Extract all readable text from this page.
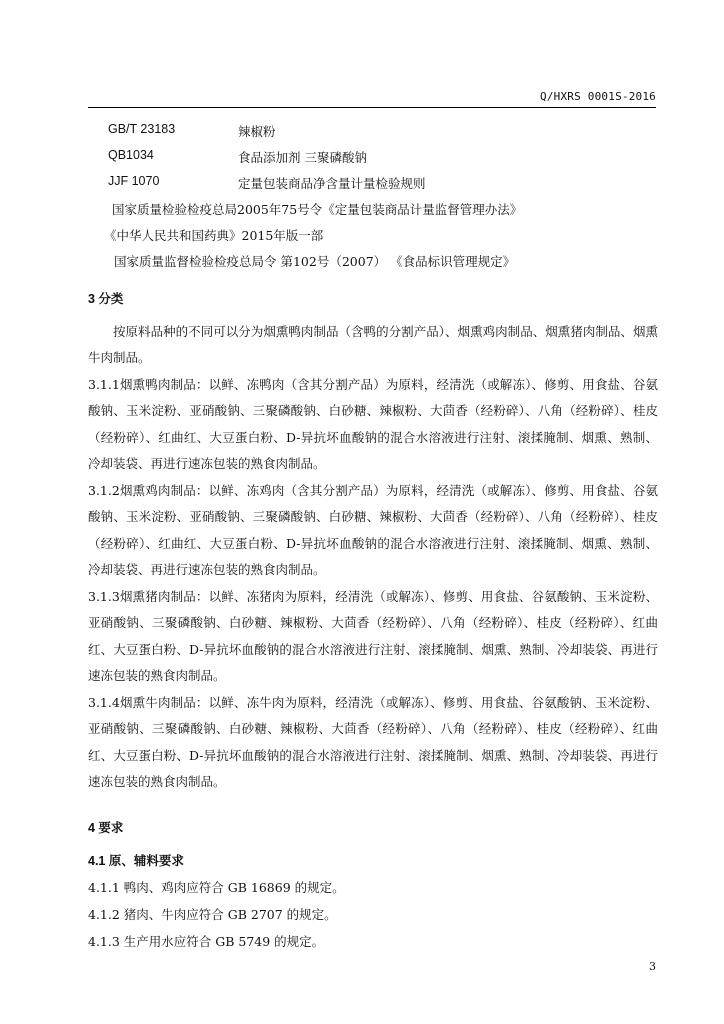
Q/HXRS 0001S-2016
GB/T 23183	辣椒粉
QB1034	食品添加剂 三聚磷酸钠
JJF 1070	定量包装商品净含量计量检验规则
国家质量检验检疫总局2005年75号令《定量包装商品计量监督管理办法》
《中华人民共和国药典》2015年版一部
国家质量监督检验检疫总局令 第102号（2007） 《食品标识管理规定》
3 分类

按原料品种的不同可以分为烟熏鸭肉制品（含鸭的分割产品）、烟熏鸡肉制品、烟熏猪肉制品、烟熏牛肉制品。

3.1.1烟熏鸭肉制品：以鲜、冻鸭肉（含其分割产品）为原料，经清洗（或解冻）、修剪、用食盐、谷氨酸钠、玉米淀粉、亚硝酸钠、三聚磷酸钠、白砂糖、辣椒粉、大茴香（经粉碎）、八角（经粉碎）、桂皮（经粉碎）、红曲红、大豆蛋白粉、D-异抗坏血酸钠的混合水溶液进行注射、滚揉腌制、烟熏、熟制、冷却装袋、再进行速冻包装的熟食肉制品。

3.1.2烟熏鸡肉制品：以鲜、冻鸡肉（含其分割产品）为原料，经清洗（或解冻）、修剪、用食盐、谷氨酸钠、玉米淀粉、亚硝酸钠、三聚磷酸钠、白砂糖、辣椒粉、大茴香（经粉碎）、八角（经粉碎）、桂皮（经粉碎）、红曲红、大豆蛋白粉、D-异抗坏血酸钠的混合水溶液进行注射、滚揉腌制、烟熏、熟制、冷却装袋、再进行速冻包装的熟食肉制品。

3.1.3烟熏猪肉制品：以鲜、冻猪肉为原料，经清洗（或解冻）、修剪、用食盐、谷氨酸钠、玉米淀粉、亚硝酸钠、三聚磷酸钠、白砂糖、辣椒粉、大茴香（经粉碎）、八角（经粉碎）、桂皮（经粉碎）、红曲红、大豆蛋白粉、D-异抗坏血酸钠的混合水溶液进行注射、滚揉腌制、烟熏、熟制、冷却装袋、再进行速冻包装的熟食肉制品。

3.1.4烟熏牛肉制品：以鲜、冻牛肉为原料，经清洗（或解冻）、修剪、用食盐、谷氨酸钠、玉米淀粉、亚硝酸钠、三聚磷酸钠、白砂糖、辣椒粉、大茴香（经粉碎）、八角（经粉碎）、桂皮（经粉碎）、红曲红、大豆蛋白粉、D-异抗坏血酸钠的混合水溶液进行注射、滚揉腌制、烟熏、熟制、冷却装袋、再进行速冻包装的熟食肉制品。

4 要求
4.1 原、辅料要求
4.1.1 鸭肉、鸡肉应符合 GB 16869 的规定。
4.1.2 猪肉、牛肉应符合 GB 2707 的规定。
4.1.3 生产用水应符合 GB 5749 的规定。
3
